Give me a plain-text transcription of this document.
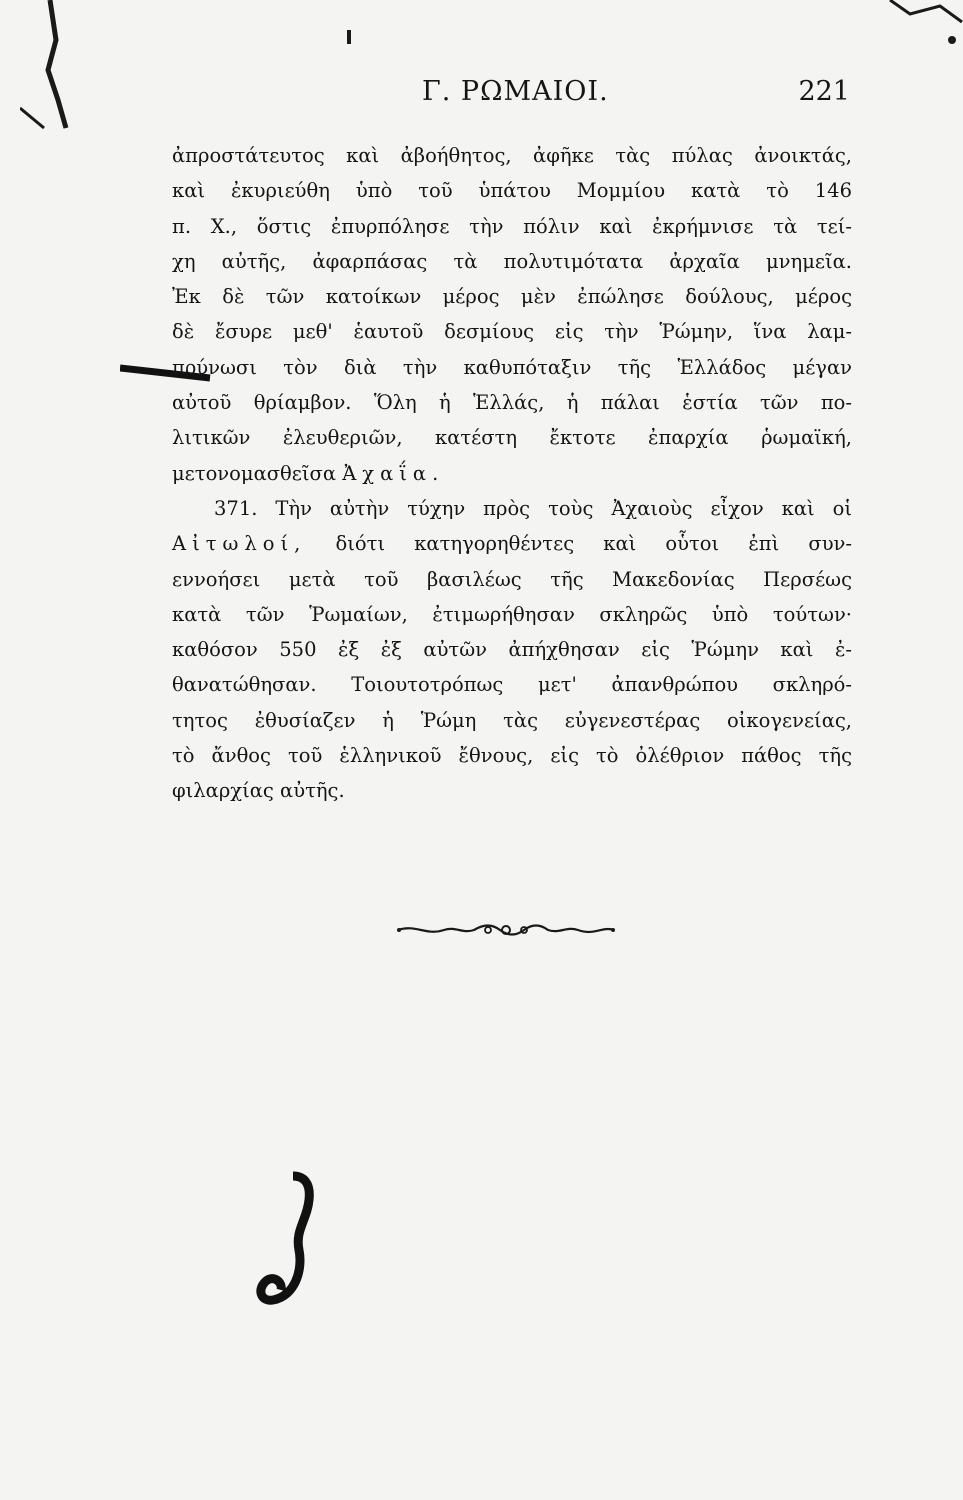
Γ. ΡΩΜΑΙΟΙ.	221
ἀπροστάτευτος καὶ ἀβοήθητος, ἀφῆκε τὰς πύλας ἀνοικτάς,
καὶ ἐκυριεύθη ὑπὸ τοῦ ὑπάτου Μομμίου κατὰ τὸ 146
π. Χ., ὅστις ἐπυρπόλησε τὴν πόλιν καὶ ἐκρήμνισε τὰ τεί-
χη αὐτῆς, ἀφαρπάσας τὰ πολυτιμότατα ἀρχαῖα μνημεῖα.
Ἐκ δὲ τῶν κατοίκων μέρος μὲν ἐπώλησε δούλους, μέρος
δὲ ἔσυρε μεθ' ἑαυτοῦ δεσμίους εἰς τὴν Ῥώμην, ἵνα λαμ-
πρύνωσι τὸν διὰ τὴν καθυπόταξιν τῆς Ἑλλάδος μέγαν
αὐτοῦ θρίαμβον. Ὅλη ἡ Ἑλλάς, ἡ πάλαι ἑστία τῶν πο-
λιτικῶν ἐλευθεριῶν, κατέστη ἔκτοτε ἐπαρχία ῥωμαϊκή,
μετονομασθεῖσα Ἀχαΐα.
371. Τὴν αὐτὴν τύχην πρὸς τοὺς Ἀχαιοὺς εἶχον καὶ οἱ
Αἰτωλοί, διότι κατηγορηθέντες καὶ οὗτοι ἐπὶ συν-
εννοήσει μετὰ τοῦ βασιλέως τῆς Μακεδονίας Περσέως
κατὰ τῶν Ῥωμαίων, ἐτιμωρήθησαν σκληρῶς ὑπὸ τούτων·
καθόσον 550 ἐξ ἐξ αὐτῶν ἀπήχθησαν εἰς Ῥώμην καὶ ἐ-
θανατώθησαν. Τοιουτοτρόπως μετ' ἀπανθρώπου σκληρό-
τητος ἐθυσίαζεν ἡ Ῥώμη τὰς εὐγενεστέρας οἰκογενείας,
τὸ ἄνθος τοῦ ἑλληνικοῦ ἔθνους, εἰς τὸ ὀλέθριον πάθος τῆς
φιλαρχίας αὐτῆς.
